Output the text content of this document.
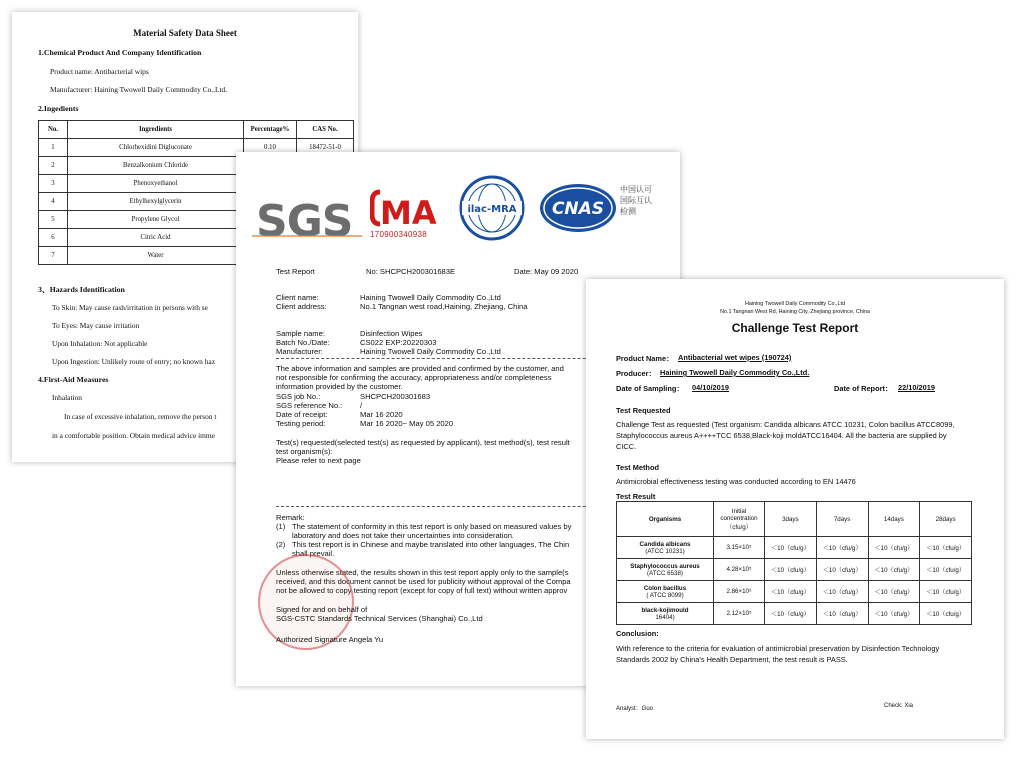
Material Safety Data Sheet
1.Chemical Product And Company Identification
Product name: Antibacterial wips
Manufacturer: Haining Twowell Daily Commodity Co.,Ltd.
2.Ingedients
No.	Ingredients	Percentage%	CAS No.
1	Chlorhexidini Digluconate	0.10	18472-51-0
2	Benzalkonium Chloride		
3	Phenoxyethanol		
4	Ethylhexylglycerin		
5	Propylene Glycol		
6	Citric Acid		
7	Water		
3、Hazards Identification
To Skin: May cause rash/irritation in persons with se
To Eyes: May cause irritation
Upon Inhalation: Not applicable
Upon Ingestion: Unlikely route of entry; no known haz
4.First-Aid Measures
Inhalation
In case of excessive inhalation, remove the person t
in a comfortable position. Obtain medical advice imme
SGS MA
170900340938
ilac-MRA CNAS
中国认可
国际互认
检测
Test Report	No: SHCPCH200301683E	Date: May 09 2020
Client name:	Haining Twowell Daily Commodity Co.,Ltd
Client address:	No.1 Tangnan west road,Haining, Zhejiang, China
Sample name:	Disinfection Wipes
Batch No./Date:	CS022 EXP:20220303
Manufacturer:	Haining Twowell Daily Commodity Co.,Ltd
The above information and samples are provided and confirmed by the customer, and
not responsible for confirming the accuracy, appropriateness and/or completeness
information provided by the customer.
SGS job No.:	SHCPCH200301683
SGS reference No.: /
Date of receipt:	Mar 16 2020
Testing period:	Mar 16 2020~ May 05 2020
Test(s) requested(selected test(s) as requested by applicant), test method(s), test result
test organism(s):
Please refer to next page
Remark:
(1) The statement of conformity in this test report is only based on measured values by
laboratory and does not take their uncertainties into consideration.
(2) This test report is in Chinese and maybe translated into other languages, The Chin
shall prevail.
Unless otherwise stated, the results shown in this test report apply only to the sample(s
received, and this document cannot be used for publicity without approval of the Compa
not be allowed to copy testing report (except for copy of full text) without written approv
Signed for and on behalf of
SGS-CSTC Standards Technical Services (Shanghai) Co.,Ltd
Authorized Signature Angela Yu
Haining Twowell Daily Commodity Co.,Ltd
No.1 Tangnan West Rd, Haining City, Zhejiang province, China
Challenge Test Report
Product Name： Antibacterial wet wipes (190724)
Producer： Haining Twowell Daily Commodity Co.,Ltd.
Date of Sampling： 04/10/2019	Date of Report： 22/10/2019
Test Requested
Challenge Test as requested (Test organism: Candida albicans ATCC 10231, Colon bacillus ATCC8099, Staphylococcus aureus A++++TCC 6538,Black-koji moldATCC16404. All the bacteria are supplied by CICC.
Test Method
Antimicrobial effectiveness testing was conducted according to EN 14476
Test Result
Organisms	Initial concentration （cfu/g）	3days	7days	14days	28days
Candida albicans
(ATCC 10231)	3.15×10⁵	＜10（cfu/g）	＜10（cfu/g）	＜10（cfu/g）	＜10（cfu/g）
Staphylococcus aureus
(ATCC 6538)	4.28×10⁵	＜10（cfu/g）	＜10（cfu/g）	＜10（cfu/g）	＜10（cfu/g）
Colon bacillus
( ATCC 8099)	2.86×10⁵	＜10（cfu/g）	＜10（cfu/g）	＜10（cfu/g）	＜10（cfu/g）
black-kojimould
16404)	2.12×10⁵	＜10（cfu/g）	＜10（cfu/g）	＜10（cfu/g）	＜10（cfu/g）
Conclusion:
With reference to the criteria for evaluation of antimicrobial preservation by Disinfection Technology Standards 2002 by China's Health Department, the test result is PASS.
Analyst：Guo	Check: Xia
